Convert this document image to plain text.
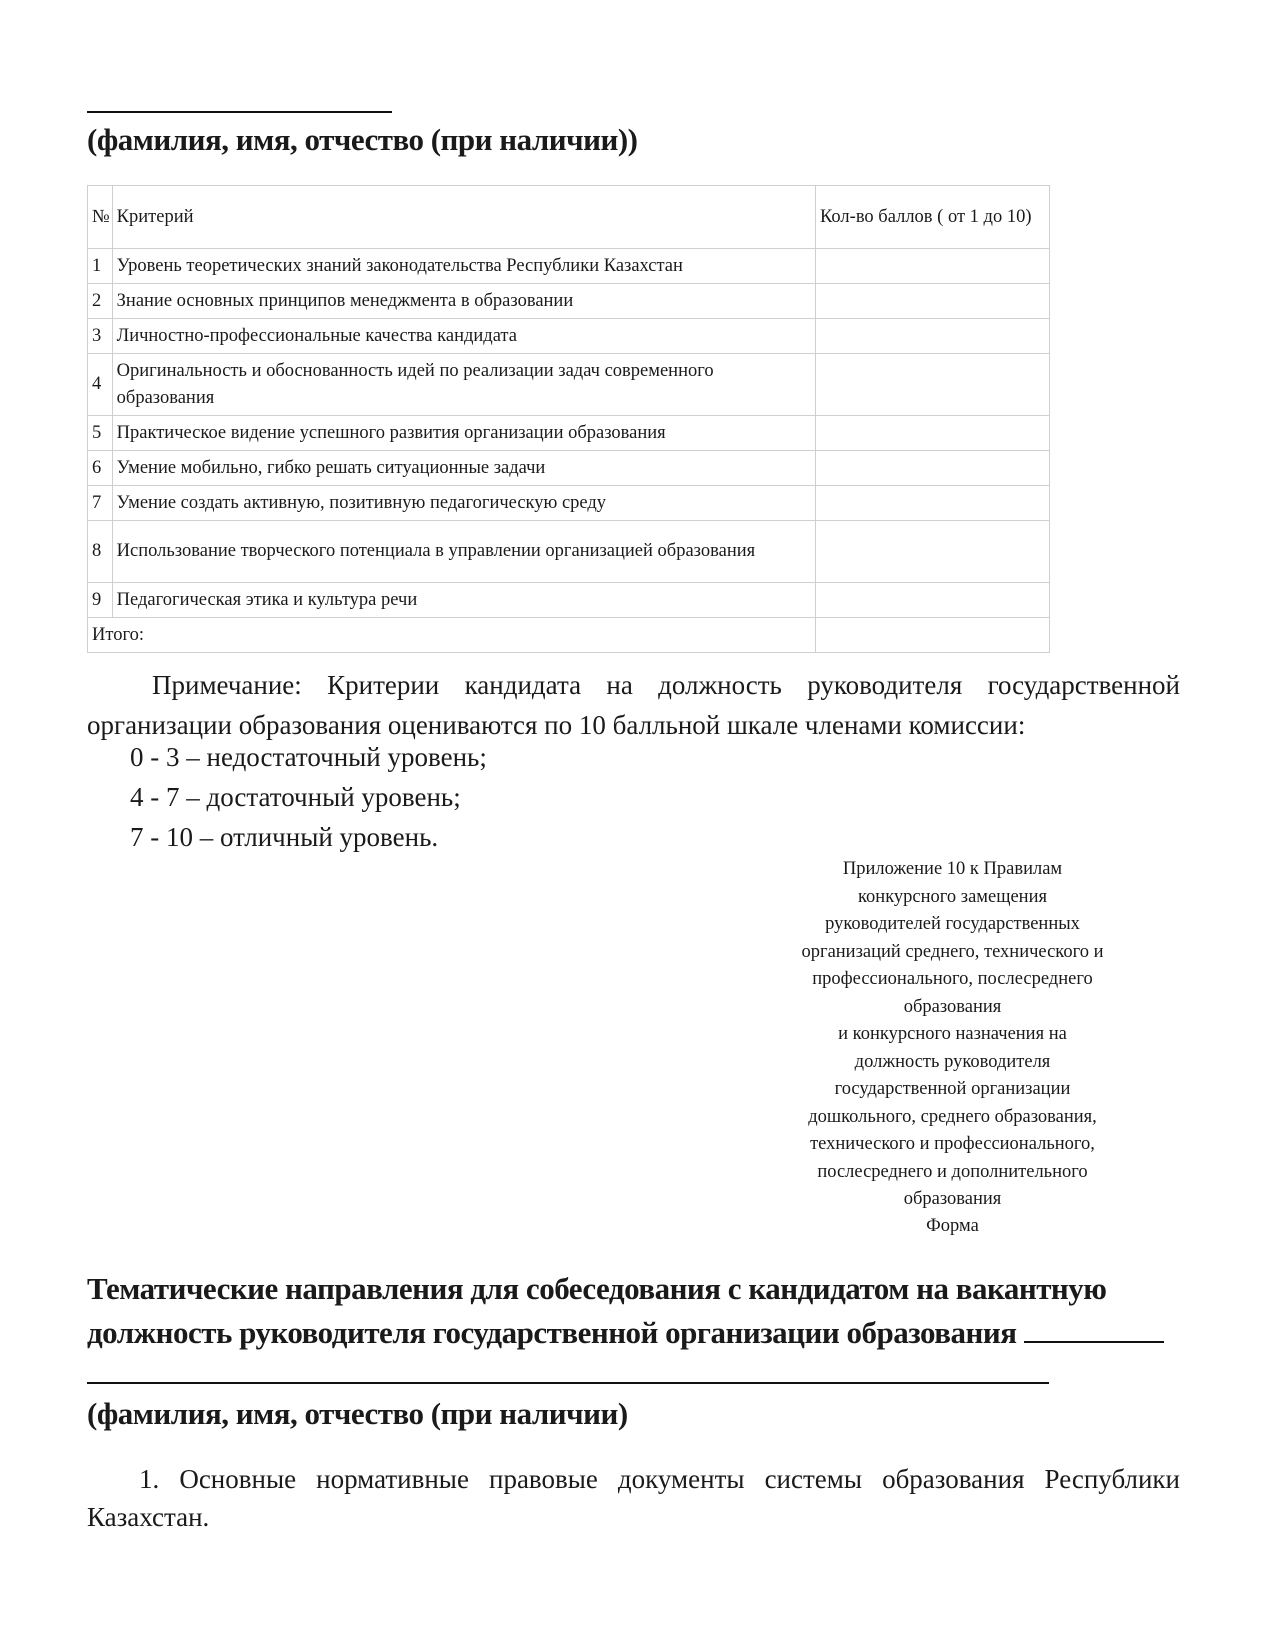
(фамилия, имя, отчество (при наличии))
№	Критерий	Кол-во баллов ( от 1 до 10)
1	Уровень теоретических знаний законодательства Республики Казахстан	
2	Знание основных принципов менеджмента в образовании	
3	Личностно-профессиональные качества кандидата	
4	Оригинальность и обоснованность идей по реализации задач современного образования	
5	Практическое видение успешного развития организации образования	
6	Умение мобильно, гибко решать ситуационные задачи	
7	Умение создать активную, позитивную педагогическую среду	
8	Использование творческого потенциала в управлении организацией образования	
9	Педагогическая этика и культура речи	
Итого:		
Примечание: Критерии кандидата на должность руководителя государственной организации образования оцениваются по 10 балльной шкале членами комиссии:
0 - 3 – недостаточный уровень;
4 - 7 – достаточный уровень;
7 - 10 – отличный уровень.
Приложение 10 к Правилам
конкурсного замещения
руководителей государственных
организаций среднего, технического и
профессионального, послесреднего
образования
и конкурсного назначения на
должность руководителя
государственной организации
дошкольного, среднего образования,
технического и профессионального,
послесреднего и дополнительного
образования
Форма
Тематические направления для собеседования с кандидатом на вакантную должность руководителя государственной организации образования
(фамилия, имя, отчество (при наличии)
1. Основные нормативные правовые документы системы образования Республики Казахстан.
